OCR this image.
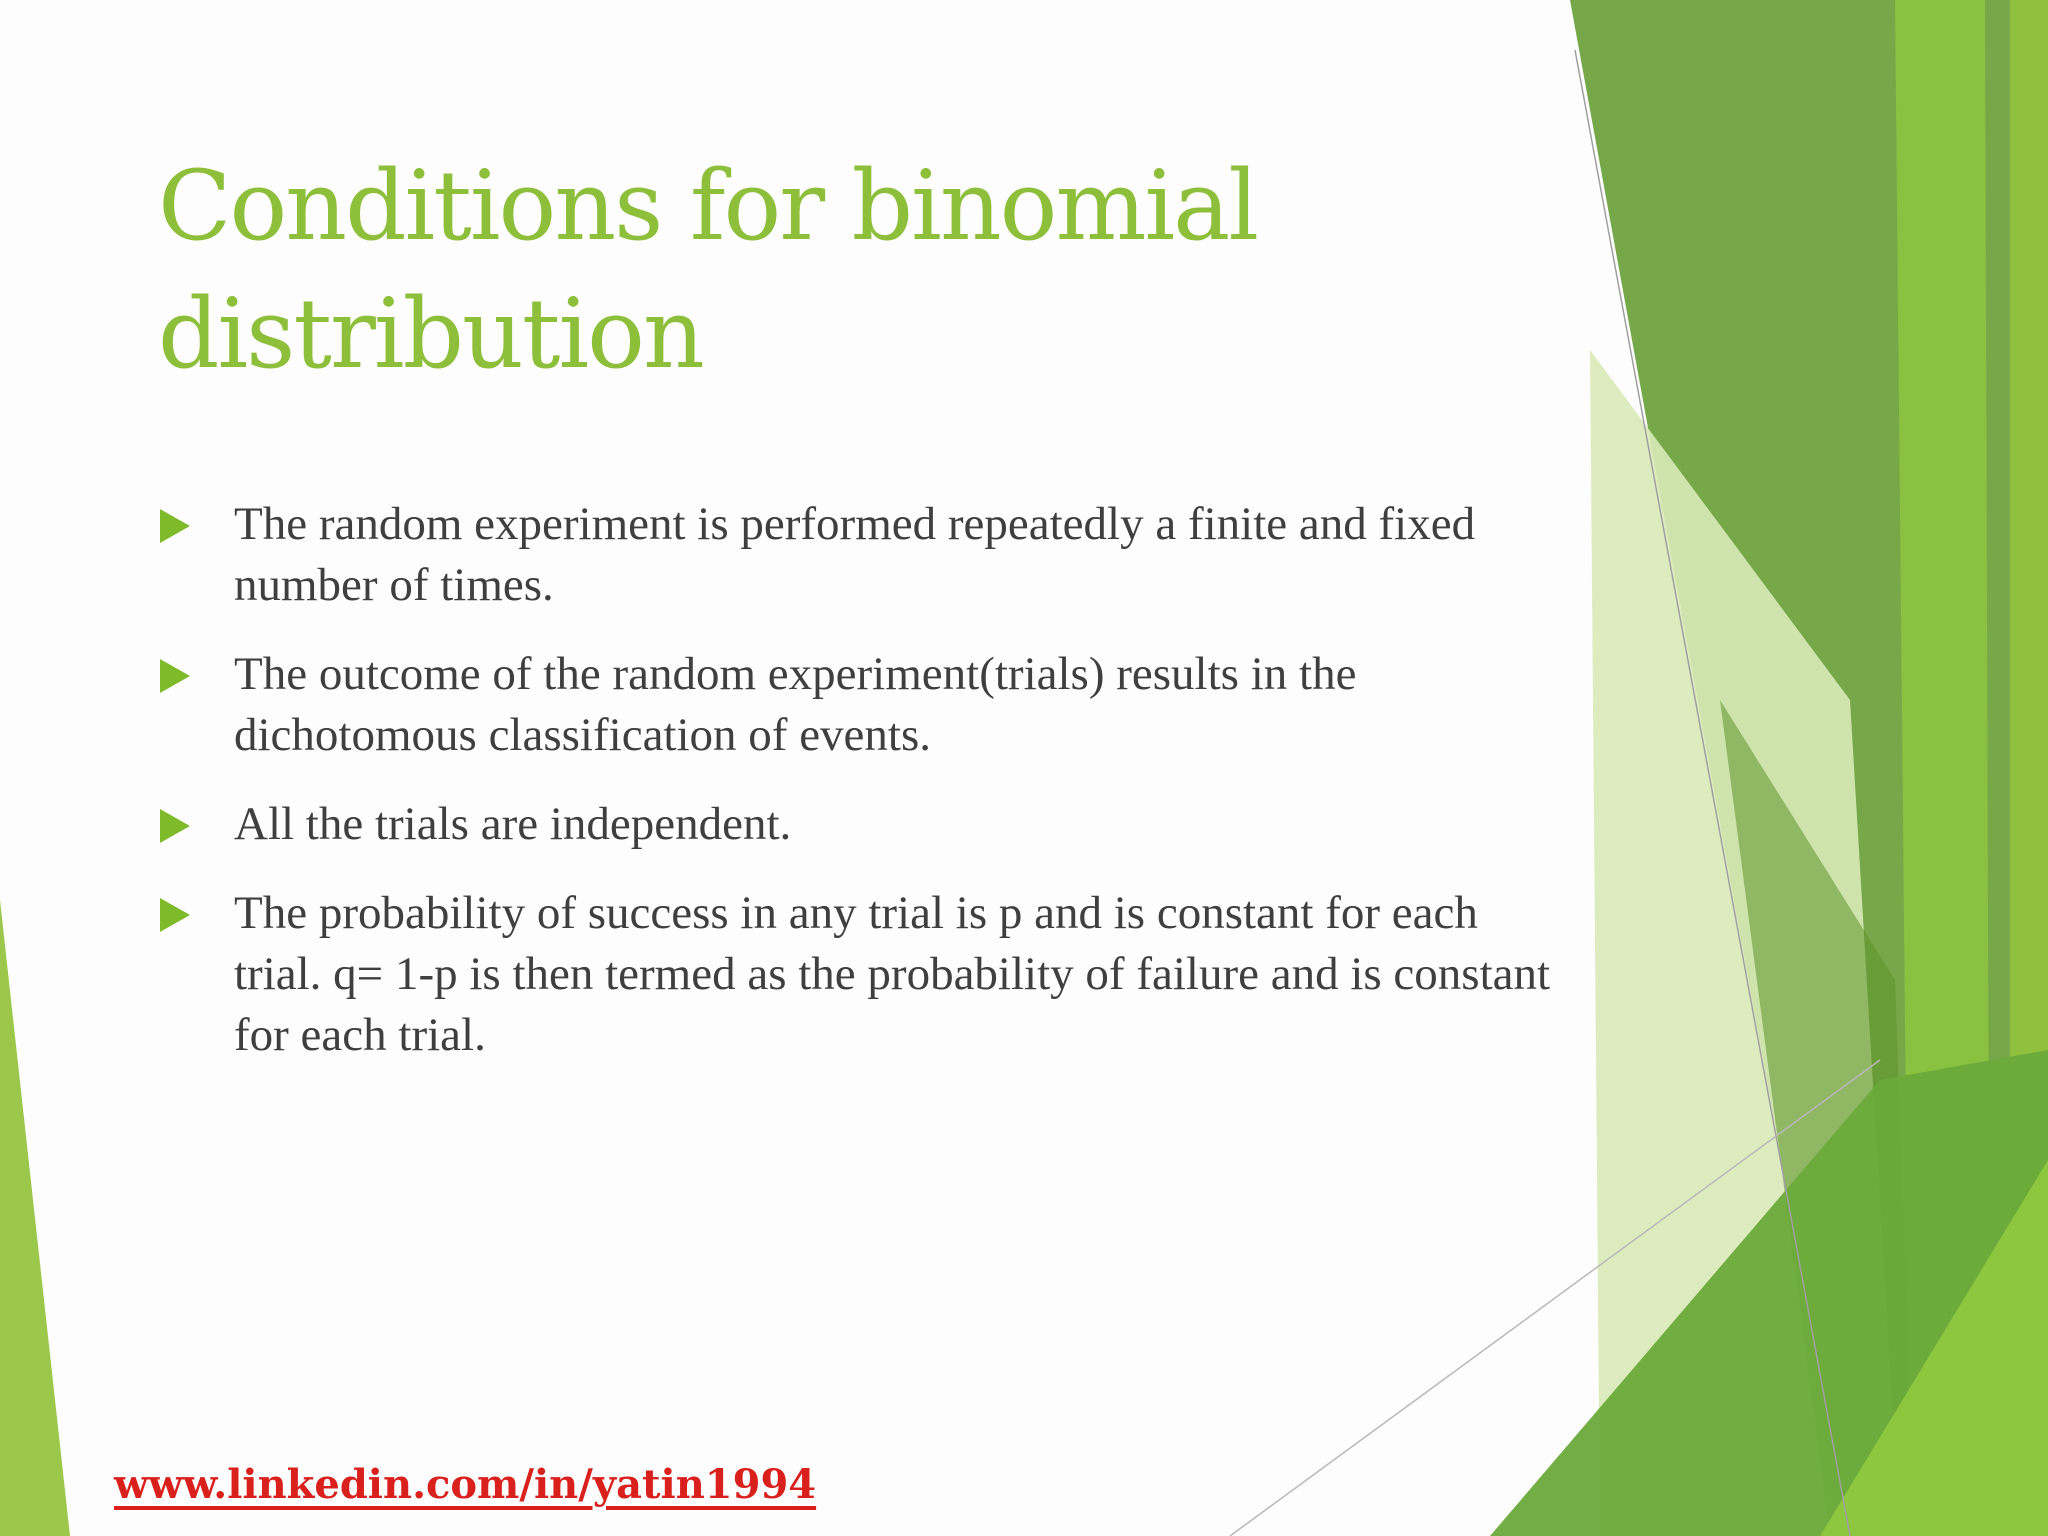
Conditions for binomial distribution
The random experiment is performed repeatedly a finite and fixed number of times.
The outcome of the random experiment(trials) results in the dichotomous classification of events.
All the trials are independent.
The probability of success in any trial is p and is constant for each trial. q= 1-p is then termed as the probability of failure and is constant for each trial.
www.linkedin.com/in/yatin1994
